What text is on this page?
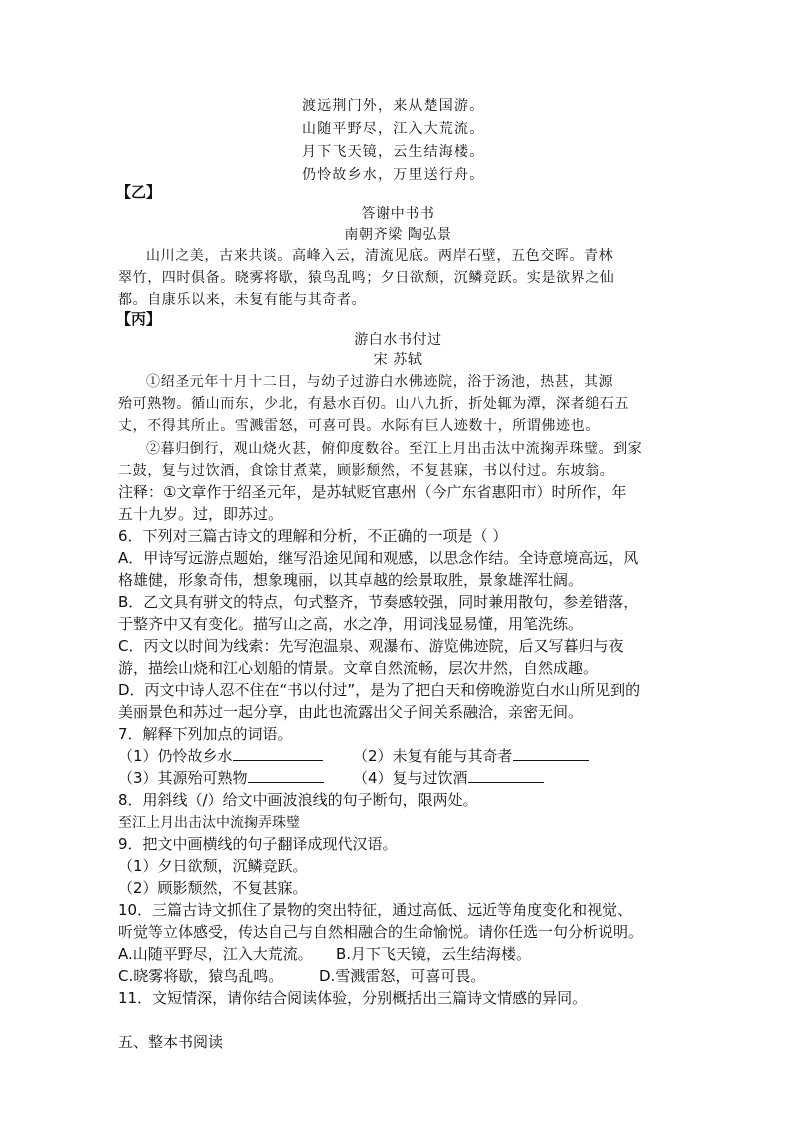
渡远荆门外，来从楚国游。
山随平野尽，江入大荒流。
月下飞天镜，云生结海楼。
仍怜故乡水，万里送行舟。
【乙】
答谢中书书
南朝齐梁 陶弘景
山川之美，古来共谈。高峰入云，清流见底。两岸石壁，五色交晖。青林
翠竹，四时俱备。晓雾将歇，猿鸟乱鸣；夕日欲颓，沉鳞竞跃。实是欲界之仙
都。自康乐以来，未复有能与其奇者。
【丙】
游白水书付过
宋 苏轼
①绍圣元年十月十二日，与幼子过游白水佛迹院，浴于汤池，热甚，其源
殆可熟物。循山而东，少北，有悬水百仞。山八九折，折处辄为潭，深者缒石五
丈，不得其所止。雪溅雷怒，可喜可畏。水际有巨人迹数十，所谓佛迹也。
②暮归倒行，观山烧火甚，俯仰度数谷。至江上月出击汰中流掬弄珠璧。到家
二鼓，复与过饮酒，食馀甘煮菜，顾影颓然，不复甚寐，书以付过。东坡翁。
注释：①文章作于绍圣元年，是苏轼贬官惠州（今广东省惠阳市）时所作，年
五十九岁。过，即苏过。
6．下列对三篇古诗文的理解和分析，不正确的一项是（ ）
A．甲诗写远游点题始，继写沿途见闻和观感，以思念作结。全诗意境高远，风
格雄健，形象奇伟，想象瑰丽，以其卓越的绘景取胜，景象雄浑壮阔。
B．乙文具有骈文的特点，句式整齐，节奏感较强，同时兼用散句，参差错落，
于整齐中又有变化。描写山之高，水之净，用词浅显易懂，用笔洗练。
C．丙文以时间为线索：先写泡温泉、观瀑布、游览佛迹院，后又写暮归与夜
游，描绘山烧和江心划船的情景。文章自然流畅，层次井然，自然成趣。
D．丙文中诗人忍不住在“书以付过”，是为了把白天和傍晚游览白水山所见到的
美丽景色和苏过一起分享，由此也流露出父子间关系融洽，亲密无间。
7．解释下列加点的词语。
（1）仍怜故乡水	（2）未复有能与其奇者
（3）其源殆可熟物	（4）复与过饮酒
8．用斜线（/）给文中画波浪线的句子断句，限两处。
至江上月出击汰中流掬弄珠璧
9．把文中画横线的句子翻译成现代汉语。
（1）夕日欲颓，沉鳞竞跃。
（2）顾影颓然，不复甚寐。
10．三篇古诗文抓住了景物的突出特征，通过高低、远近等角度变化和视觉、
听觉等立体感受，传达自己与自然相融合的生命愉悦。请你任选一句分析说明。
A.山随平野尽，江入大荒流。 B.月下飞天镜，云生结海楼。
C.晓雾将歇，猿鸟乱鸣。 D.雪溅雷怒，可喜可畏。
11．文短情深，请你结合阅读体验，分别概括出三篇诗文情感的异同。
五、整本书阅读
